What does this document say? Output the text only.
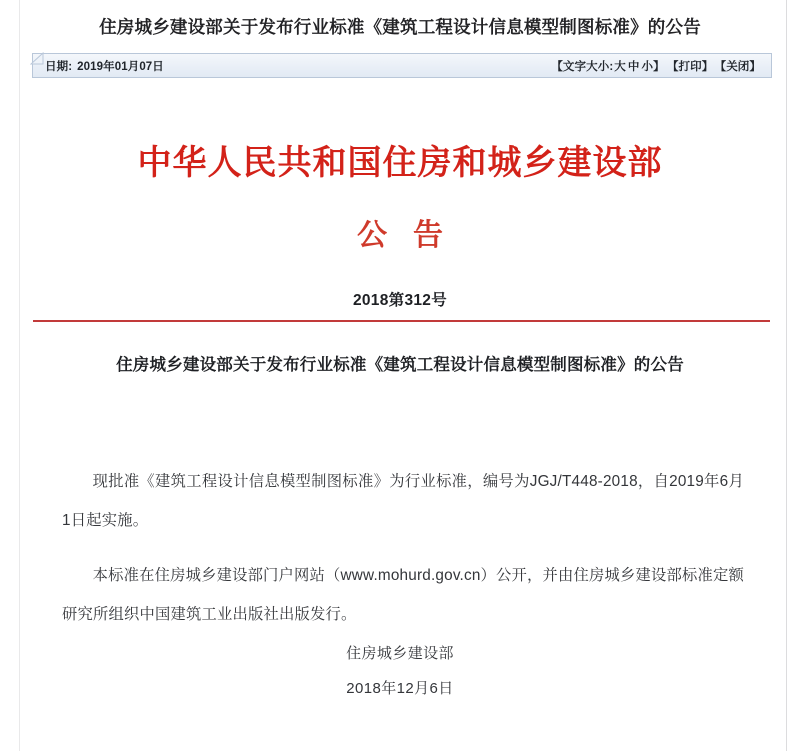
住房城乡建设部关于发布行业标准《建筑工程设计信息模型制图标准》的公告
日期: 2019年01月07日	【文字大小:大 中 小】 【打印】 【关闭】
中华人民共和国住房和城乡建设部
公告
2018第312号
住房城乡建设部关于发布行业标准《建筑工程设计信息模型制图标准》的公告

现批准《建筑工程设计信息模型制图标准》为行业标准，编号为JGJ/T448-2018，自2019年6月1日起实施。

本标准在住房城乡建设部门户网站（www.mohurd.gov.cn）公开，并由住房城乡建设部标准定额研究所组织中国建筑工业出版社出版发行。

住房城乡建设部
2018年12月6日
